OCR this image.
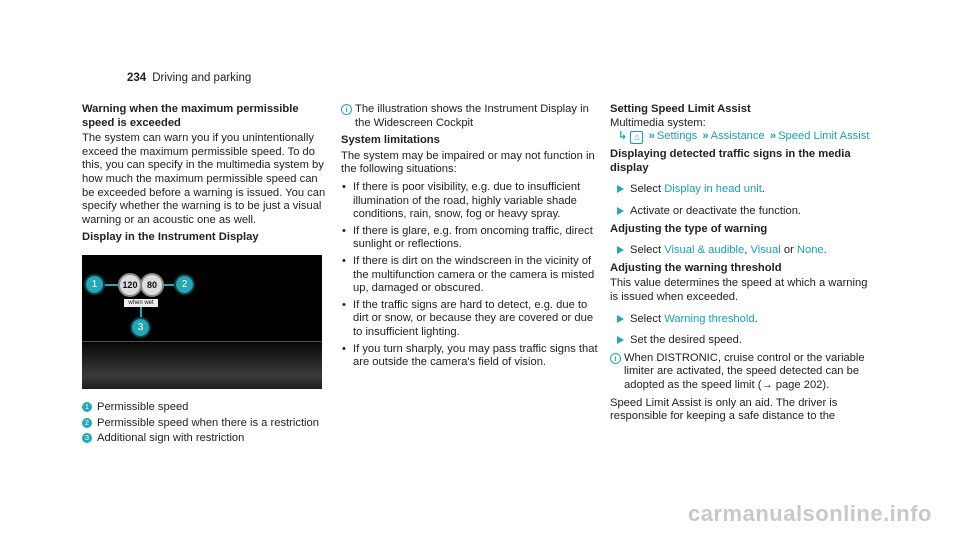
234 Driving and parking

Warning when the maximum permissible speed is exceeded

The system can warn you if you unintentionally exceed the maximum permissible speed. To do this, you can specify in the multimedia system by how much the maximum permissible speed can be exceeded before a warning is issued. You can specify whether the warning is to be just a visual warning or an acoustic one as well.

Display in the Instrument Display

120	80
when wet
1	2
3

1 Permissible speed

2 Permissible speed when there is a restriction

3 Additional sign with restriction

i The illustration shows the Instrument Display in the Widescreen Cockpit

System limitations

The system may be impaired or may not function in the following situations:

• If there is poor visibility, e.g. due to insufficient illumination of the road, highly variable shade conditions, rain, snow, fog or heavy spray.

• If there is glare, e.g. from oncoming traffic, direct sunlight or reflections.

• If there is dirt on the windscreen in the vicinity of the multifunction camera or the camera is misted up, damaged or obscured.

• If the traffic signs are hard to detect, e.g. due to dirt or snow, or because they are covered or due to insufficient lighting.

• If you turn sharply, you may pass traffic signs that are outside the camera's field of vision.

Setting Speed Limit Assist

Multimedia system:

↳ ⌂ » Settings » Assistance » Speed Limit Assist

Displaying detected traffic signs in the media display

Select Display in head unit.

Activate or deactivate the function.

Adjusting the type of warning

Select Visual & audible, Visual or None.

Adjusting the warning threshold

This value determines the speed at which a warning is issued when exceeded.

Select Warning threshold.

Set the desired speed.

i When DISTRONIC, cruise control or the variable limiter are activated, the speed detected can be adopted as the speed limit (→ page 202).

Speed Limit Assist is only an aid. The driver is responsible for keeping a safe distance to the

carmanualsonline.info
